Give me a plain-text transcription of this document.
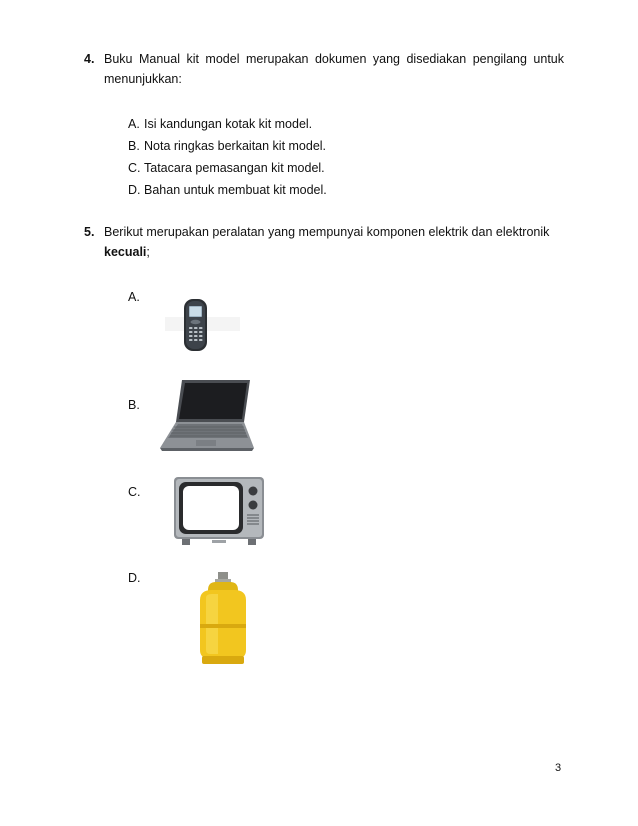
4. Buku Manual kit model merupakan dokumen yang disediakan pengilang untuk menunjukkan:
A. Isi kandungan kotak kit model.
B. Nota ringkas berkaitan kit model.
C. Tatacara pemasangan kit model.
D. Bahan untuk membuat kit model.
5. Berikut merupakan peralatan yang mempunyai komponen elektrik dan elektronik
kecuali;
A.
B.
C.
D.
3
